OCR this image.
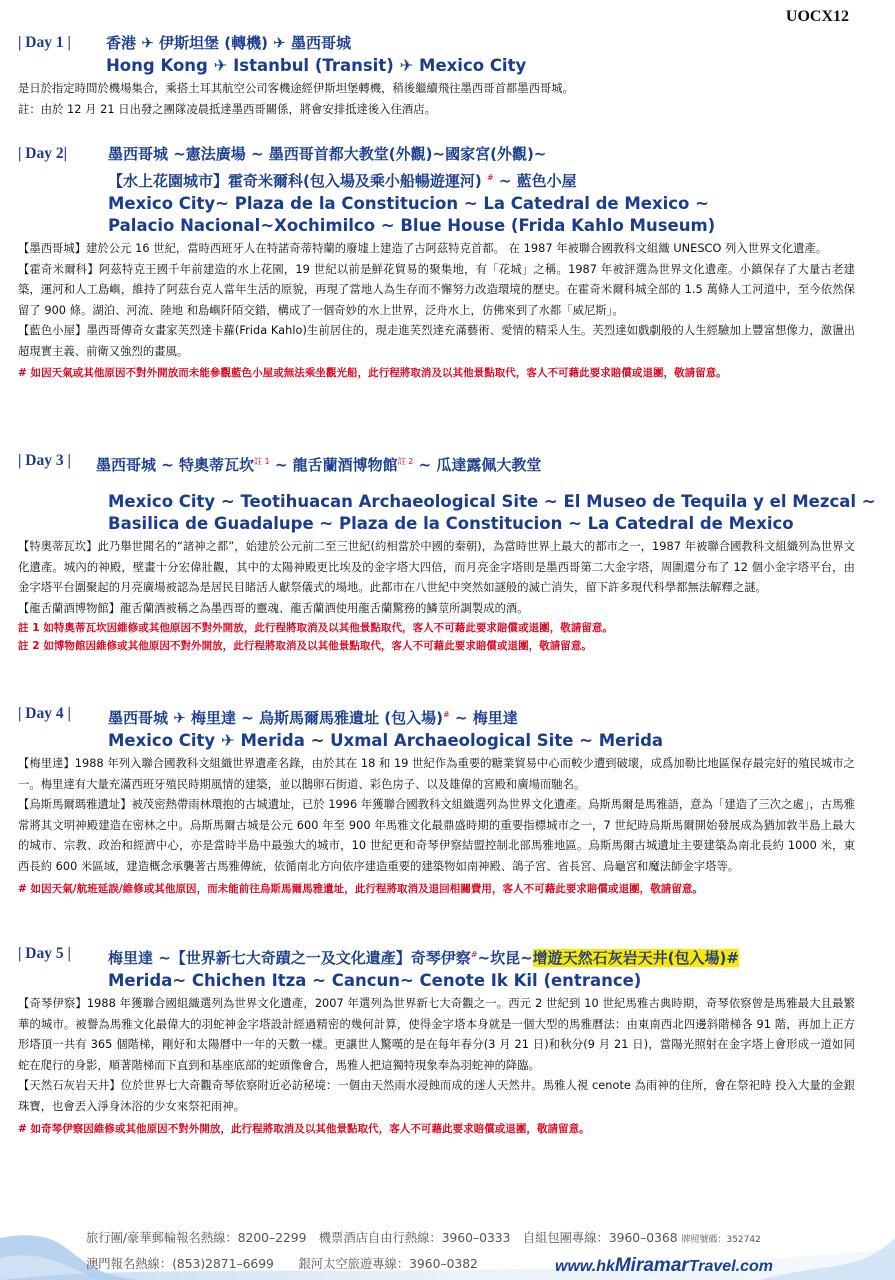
UOCX12
| Day 1 |	香港 ✈ 伊斯坦堡 (轉機) ✈ 墨西哥城
Hong Kong ✈ Istanbul (Transit) ✈ Mexico City

是日於指定時間於機場集合，乘搭土耳其航空公司客機途經伊斯坦堡轉機，稍後繼續飛往墨西哥首都墨西哥城。

註：由於 12 月 21 日出發之團隊凌晨抵達墨西哥關係，將會安排抵達後入住酒店。

| Day 2|	墨西哥城 ~憲法廣場 ~ 墨西哥首都大教堂(外觀)~國家宮(外觀)~
【水上花園城市】霍奇米爾科(包入場及乘小船暢遊運河) # ~ 藍色小屋
Mexico City~ Plaza de la Constitucion ~ La Catedral de Mexico ~
Palacio Nacional~Xochimilco ~ Blue House (Frida Kahlo Museum)

【墨西哥城】建於公元 16 世紀，當時西班牙人在特諾奇蒂特蘭的廢墟上建造了古阿茲特克首都。 在 1987 年被聯合國教科文組織 UNESCO 列入世界文化遺產。

【霍奇米爾科】阿茲特克王國千年前建造的水上花園，19 世紀以前是鮮花貿易的聚集地，有「花城」之稱。1987 年被評選為世界文化遺產。小鎮保存了大量古老建築，運河和人工島嶼，維持了阿茲台克人當年生活的原貌，再現了當地人為生存而不懈努力改造環境的歷史。在霍奇米爾科城全部的 1.5 萬條人工河道中，至今依然保留了 900 條。湖泊、河流、陸地 和島嶼阡陌交錯，構成了一個奇妙的水上世界，泛舟水上，仿佛來到了水都「威尼斯」。

【藍色小屋】墨西哥傳奇女畫家芙烈達卡蘿(Frida Kahlo)生前居住的，現走進芙烈達充滿藝術、愛情的精采人生。芙烈達如戲劇般的人生經驗加上豐富想像力，激盪出超現實主義、前衛又強烈的畫風。

# 如因天氣或其他原因不對外開放而未能參觀藍色小屋或無法乘坐觀光船，此行程將取消及以其他景點取代，客人不可藉此要求賠償或退團，敬請留意。

| Day 3 |	墨西哥城 ~ 特奧蒂瓦坎$^{註 1}$ ~ 龍舌蘭酒博物館$^{註 2}$ ~ 瓜達露佩大教堂
Mexico City ~ Teotihuacan Archaeological Site ~ El Museo de Tequila y el Mezcal ~
Basilica de Guadalupe ~ Plaza de la Constitucion ~ La Catedral de Mexico

【特奧蒂瓦坎】此乃舉世聞名的“諸神之都”，始建於公元前二至三世紀(約相當於中國的秦朝)，為當時世界上最大的都市之一，1987 年被聯合國教科文組織列為世界文化遺產。城內的神殿，壁畫十分宏偉壯觀，其中的太陽神殿更比埃及的金字塔大四倍，而月亮金字塔則是墨西哥第二大金字塔，周圍還分布了 12 個小金字塔平台，由金字塔平台圍聚起的月亮廣場被認為是居民目睹活人獻祭儀式的場地。此都市在八世紀中突然如謎般的滅亡消失，留下許多現代科學都無法解釋之謎。

【龍舌蘭酒博物館】龍舌蘭酒被稱之為墨西哥的靈魂、龍舌蘭酒使用龍舌蘭驚務的鱗莖所調製成的酒。

註 1 如特奧蒂瓦坎因維修或其他原因不對外開放，此行程將取消及以其他景點取代，客人不可藉此要求賠償或退團，敬請留意。

註 2 如博物館因維修或其他原因不對外開放，此行程將取消及以其他景點取代，客人不可藉此要求賠償或退團，敬請留意。

| Day 4 |	墨西哥城 ✈ 梅里達 ~ 烏斯馬爾馬雅遺址 (包入場)# ~ 梅里達
Mexico City ✈ Merida ~ Uxmal Archaeological Site ~ Merida

【梅里達】1988 年列入聯合國教科文組織世界遺產名錄，由於其在 18 和 19 世紀作為重要的糖業貿易中心而較少遭到破壞，成爲加勒比地區保存最完好的殖民城市之一。梅里達有大量充滿西班牙殖民時期風情的建築，並以鵝卵石街道、彩色房子、以及雄偉的宮殿和廣場而馳名。

【烏斯馬爾瑪雅遺址】被茂密熱帶雨林環抱的古城遺址，已於 1996 年獲聯合國教科文組織選列為世界文化遺產。烏斯馬爾是馬雅語，意為「建造了三次之處」，古馬雅常將其文明神殿建造在密林之中。烏斯馬爾古城是公元 600 年至 900 年馬雅文化最鼎盛時期的重要指標城市之一，7 世紀時烏斯馬爾開始發展成為猶加敦半島上最大的城市、宗教、政治和經濟中心，亦是當時半島中最強大的城市，10 世紀更和奇琴伊察結盟控制北部馬雅地區。烏斯馬爾古城遺址主要建築為南北長約 1000 米，東西長約 600 米區域，建造概念承襲著古馬雅傳統，依循南北方向依序建造重要的建築物如南神殿、鴿子宮、省長宮、烏龜宮和魔法師金字塔等。

# 如因天氣/航班延誤/維修或其他原因，而未能前往烏斯馬爾馬雅遺址，此行程將取消及退回相關費用，客人不可藉此要求賠償或退團，敬請留意。

| Day 5 |	梅里達 ~【世界新七大奇蹟之一及文化遺產】奇琴伊察#~坎昆~增遊天然石灰岩天井(包入場)#
Merida~ Chichen Itza ~ Cancun~ Cenote Ik Kil (entrance)

【奇琴伊察】1988 年獲聯合國組織選列為世界文化遺產，2007 年選列為世界新七大奇觀之一。西元 2 世紀到 10 世紀馬雅古典時期，奇琴依察曾是馬雅最大且最繁華的城市。被譽為馬雅文化最偉大的羽蛇神金字塔設計經過精密的幾何計算，使得金字塔本身就是一個大型的馬雅曆法：由東南西北四邊斜階梯各 91 階，再加上正方形塔頂一共有 365 個階梯，剛好和太陽曆中一年的天數一樣。更讓世人驚嘆的是在每年春分(3 月 21 日)和秋分(9 月 21 日)，當陽光照射在金字塔上會形成一道如同蛇在爬行的身影，順著階梯而下直到和基座底部的蛇頭像會合，馬雅人把這獨特現象奉為羽蛇神的降臨。

【天然石灰岩天井】位於世界七大奇觀奇琴依察附近必訪秘境：一個由天然雨水浸蝕而成的迷人天然井。馬雅人視 cenote 為雨神的住所，會在祭祀時 投入大量的金銀珠寶，也會丟入淨身沐浴的少女來祭祀雨神。

# 如奇琴伊察因維修或其他原因不對外開放，此行程將取消及以其他景點取代，客人不可藉此要求賠償或退團，敬請留意。

旅行團/豪華郵輪報名熱線：8200–2299　機票酒店自由行熱線：3960–0333　自組包團專線：3960–0368 牌照號碼：352742
澳門報名熱線：(853)2871–6699　　銀河太空旅遊專線：3960–0382	www.hkMiramarTravel.com
